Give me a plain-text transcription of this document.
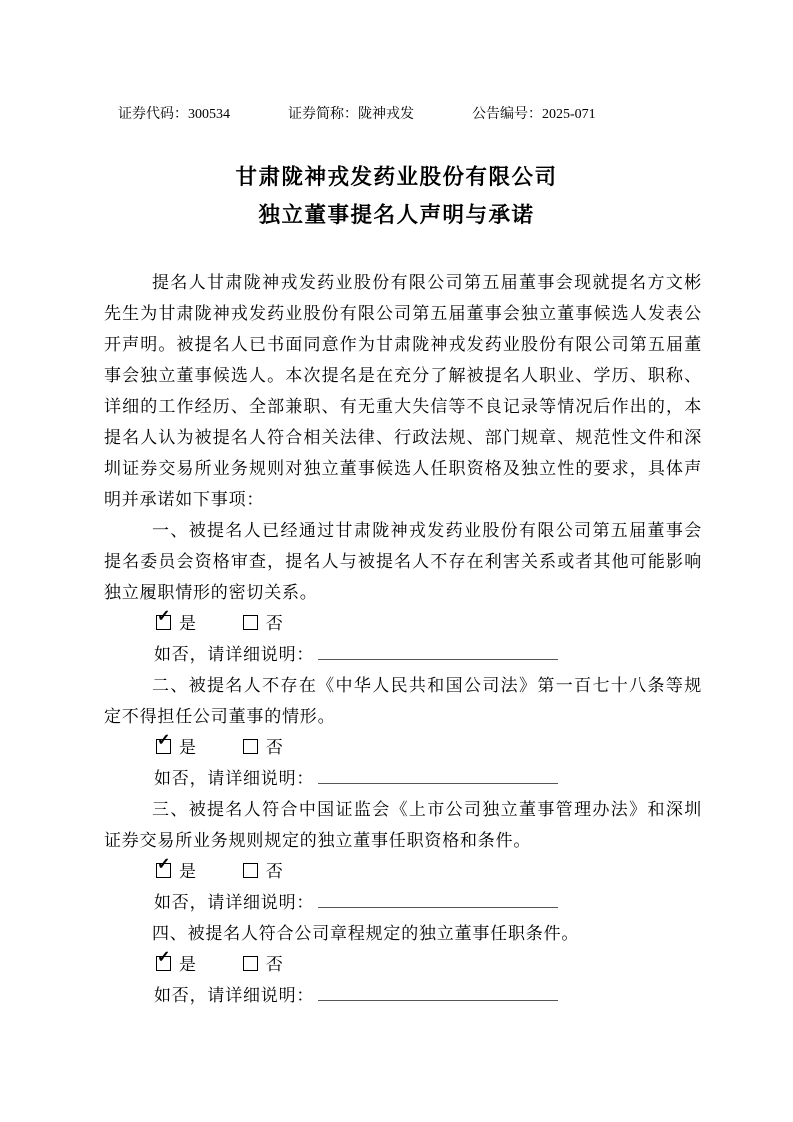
证券代码：300534	证券简称：陇神戎发	公告编号：2025-071
甘肃陇神戎发药业股份有限公司
独立董事提名人声明与承诺

提名人甘肃陇神戎发药业股份有限公司第五届董事会现就提名方文彬先生为甘肃陇神戎发药业股份有限公司第五届董事会独立董事候选人发表公开声明。被提名人已书面同意作为甘肃陇神戎发药业股份有限公司第五届董事会独立董事候选人。本次提名是在充分了解被提名人职业、学历、职称、详细的工作经历、全部兼职、有无重大失信等不良记录等情况后作出的，本提名人认为被提名人符合相关法律、行政法规、部门规章、规范性文件和深圳证券交易所业务规则对独立董事候选人任职资格及独立性的要求，具体声明并承诺如下事项：

一、被提名人已经通过甘肃陇神戎发药业股份有限公司第五届董事会提名委员会资格审查，提名人与被提名人不存在利害关系或者其他可能影响独立履职情形的密切关系。

✓ 是	否

如否，请详细说明：

二、被提名人不存在《中华人民共和国公司法》第一百七十八条等规定不得担任公司董事的情形。

✓ 是	否

如否，请详细说明：

三、被提名人符合中国证监会《上市公司独立董事管理办法》和深圳证券交易所业务规则规定的独立董事任职资格和条件。

✓ 是	否

如否，请详细说明：

四、被提名人符合公司章程规定的独立董事任职条件。

✓ 是	否

如否，请详细说明：
